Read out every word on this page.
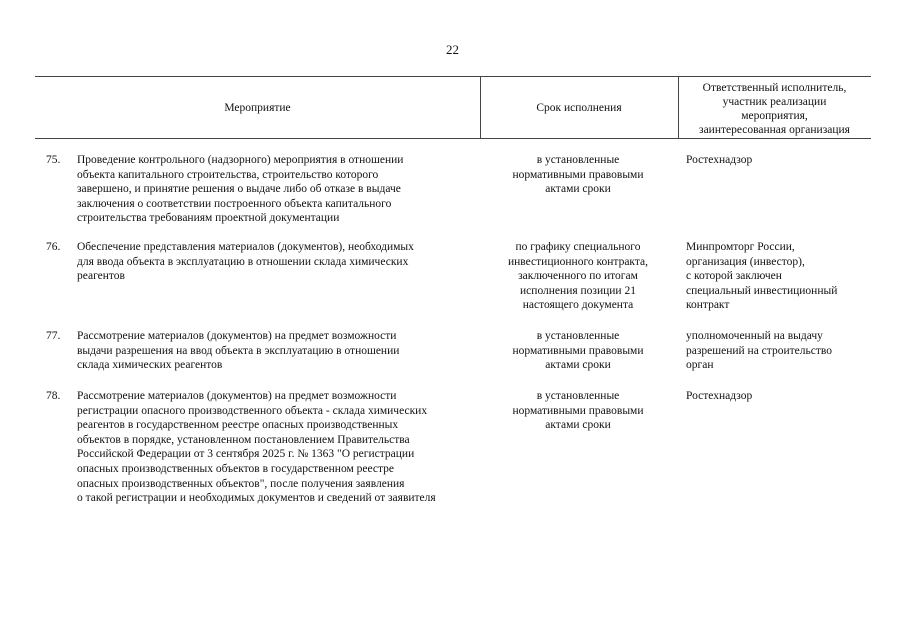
22
Мероприятие	Срок исполнения
Ответственный исполнитель,
участник реализации
мероприятия,
заинтересованная организация
75. Проведение контрольного (надзорного) мероприятия в отношении
объекта капитального строительства, строительство которого
завершено, и принятие решения о выдаче либо об отказе в выдаче
заключения о соответствии построенного объекта капитального
строительства требованиям проектной документации
в установленные
нормативными правовыми
актами сроки
Ростехнадзор
76. Обеспечение представления материалов (документов), необходимых
для ввода объекта в эксплуатацию в отношении склада химических
реагентов
по графику специального
инвестиционного контракта,
заключенного по итогам
исполнения позиции 21
настоящего документа
Минпромторг России,
организация (инвестор),
с которой заключен
специальный инвестиционный
контракт
77. Рассмотрение материалов (документов) на предмет возможности
выдачи разрешения на ввод объекта в эксплуатацию в отношении
склада химических реагентов
в установленные
нормативными правовыми
актами сроки
уполномоченный на выдачу
разрешений на строительство
орган
78. Рассмотрение материалов (документов) на предмет возможности
регистрации опасного производственного объекта - склада химических
реагентов в государственном реестре опасных производственных
объектов в порядке, установленном постановлением Правительства
Российской Федерации от 3 сентября 2025 г. № 1363 "О регистрации
опасных производственных объектов в государственном реестре
опасных производственных объектов", после получения заявления
о такой регистрации и необходимых документов и сведений от заявителя
в установленные
нормативными правовыми
актами сроки
Ростехнадзор
